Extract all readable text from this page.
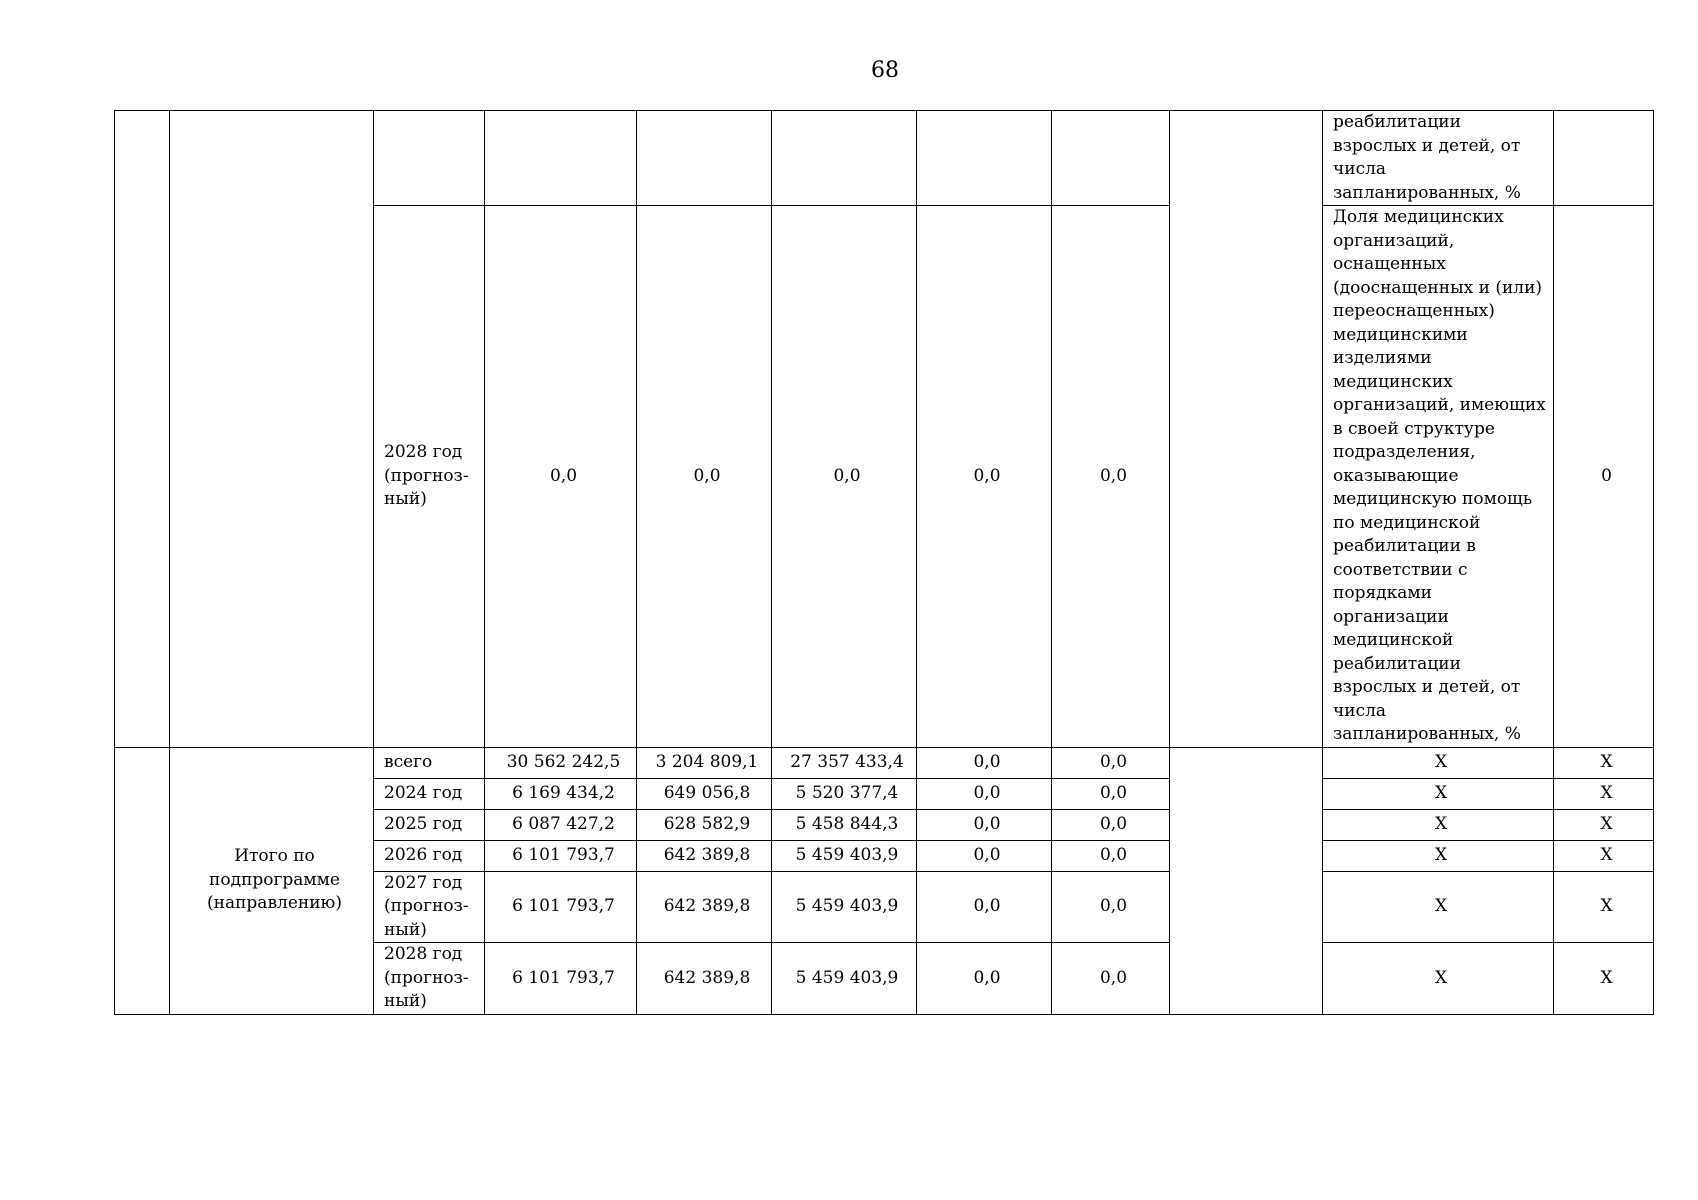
68
									реабилитации взрослых и детей, от числа запланированных, %	
		2028 год (прогноз-ный)	0,0	0,0	0,0	0,0	0,0		Доля медицинских организаций, оснащенных (дооснащенных и (или) переоснащенных) медицинскими изделиями медицинских организаций, имеющих в своей структуре подразделения, оказывающие медицинскую помощь по медицинской реабилитации в соответствии с порядками организации медицинской реабилитации взрослых и детей, от числа запланированных, %	0
	Итого по подпрограмме (направлению)	всего	30 562 242,5	3 204 809,1	27 357 433,4	0,0	0,0		Х	Х
		2024 год	6 169 434,2	649 056,8	5 520 377,4	0,0	0,0		Х	Х
		2025 год	6 087 427,2	628 582,9	5 458 844,3	0,0	0,0		Х	Х
		2026 год	6 101 793,7	642 389,8	5 459 403,9	0,0	0,0		Х	Х
		2027 год (прогноз-ный)	6 101 793,7	642 389,8	5 459 403,9	0,0	0,0		Х	Х
		2028 год (прогноз-ный)	6 101 793,7	642 389,8	5 459 403,9	0,0	0,0		Х	Х
